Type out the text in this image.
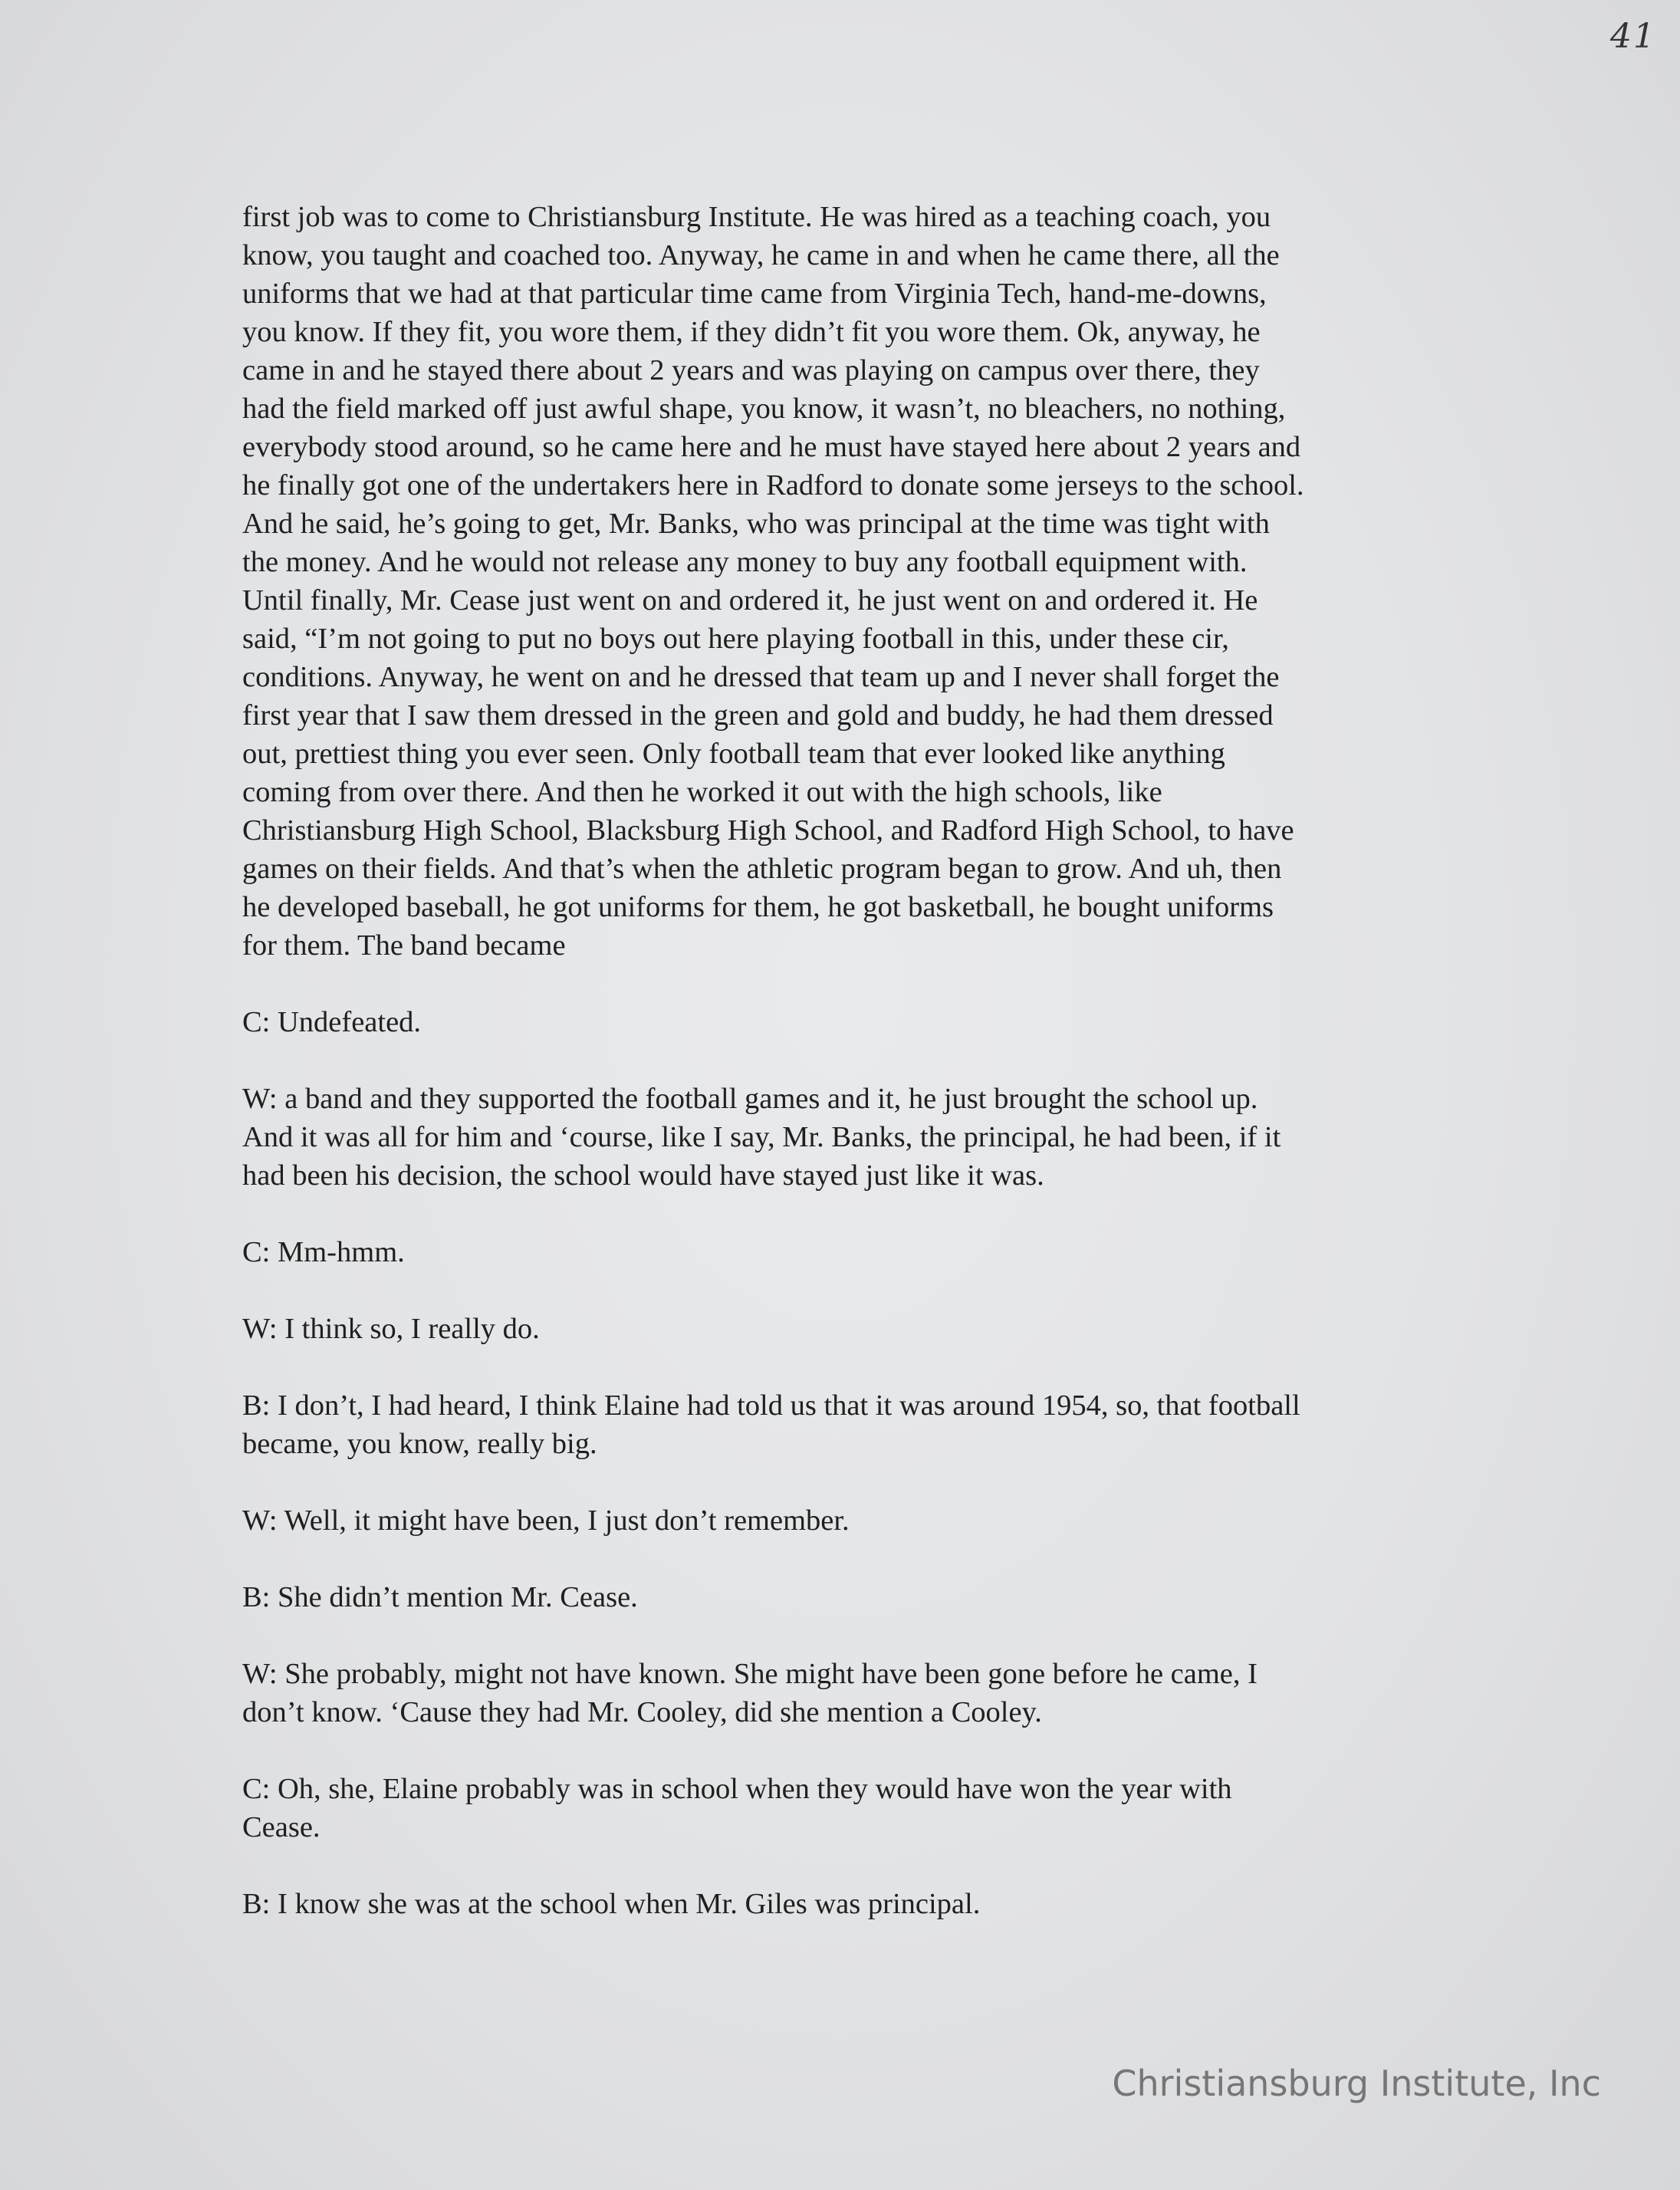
41
first job was to come to Christiansburg Institute. He was hired as a teaching coach, you
know, you taught and coached too. Anyway, he came in and when he came there, all the
uniforms that we had at that particular time came from Virginia Tech, hand-me-downs,
you know. If they fit, you wore them, if they didn’t fit you wore them. Ok, anyway, he
came in and he stayed there about 2 years and was playing on campus over there, they
had the field marked off just awful shape, you know, it wasn’t, no bleachers, no nothing,
everybody stood around, so he came here and he must have stayed here about 2 years and
he finally got one of the undertakers here in Radford to donate some jerseys to the school.
And he said, he’s going to get, Mr. Banks, who was principal at the time was tight with
the money. And he would not release any money to buy any football equipment with.
Until finally, Mr. Cease just went on and ordered it, he just went on and ordered it. He
said, “I’m not going to put no boys out here playing football in this, under these cir,
conditions. Anyway, he went on and he dressed that team up and I never shall forget the
first year that I saw them dressed in the green and gold and buddy, he had them dressed
out, prettiest thing you ever seen. Only football team that ever looked like anything
coming from over there. And then he worked it out with the high schools, like
Christiansburg High School, Blacksburg High School, and Radford High School, to have
games on their fields. And that’s when the athletic program began to grow. And uh, then
he developed baseball, he got uniforms for them, he got basketball, he bought uniforms
for them. The band became
C: Undefeated.
W: a band and they supported the football games and it, he just brought the school up.
And it was all for him and ‘course, like I say, Mr. Banks, the principal, he had been, if it
had been his decision, the school would have stayed just like it was.
C: Mm-hmm.
W: I think so, I really do.
B: I don’t, I had heard, I think Elaine had told us that it was around 1954, so, that football
became, you know, really big.
W: Well, it might have been, I just don’t remember.
B: She didn’t mention Mr. Cease.
W: She probably, might not have known. She might have been gone before he came, I
don’t know. ‘Cause they had Mr. Cooley, did she mention a Cooley.
C: Oh, she, Elaine probably was in school when they would have won the year with
Cease.
B: I know she was at the school when Mr. Giles was principal.
Christiansburg Institute, Inc
